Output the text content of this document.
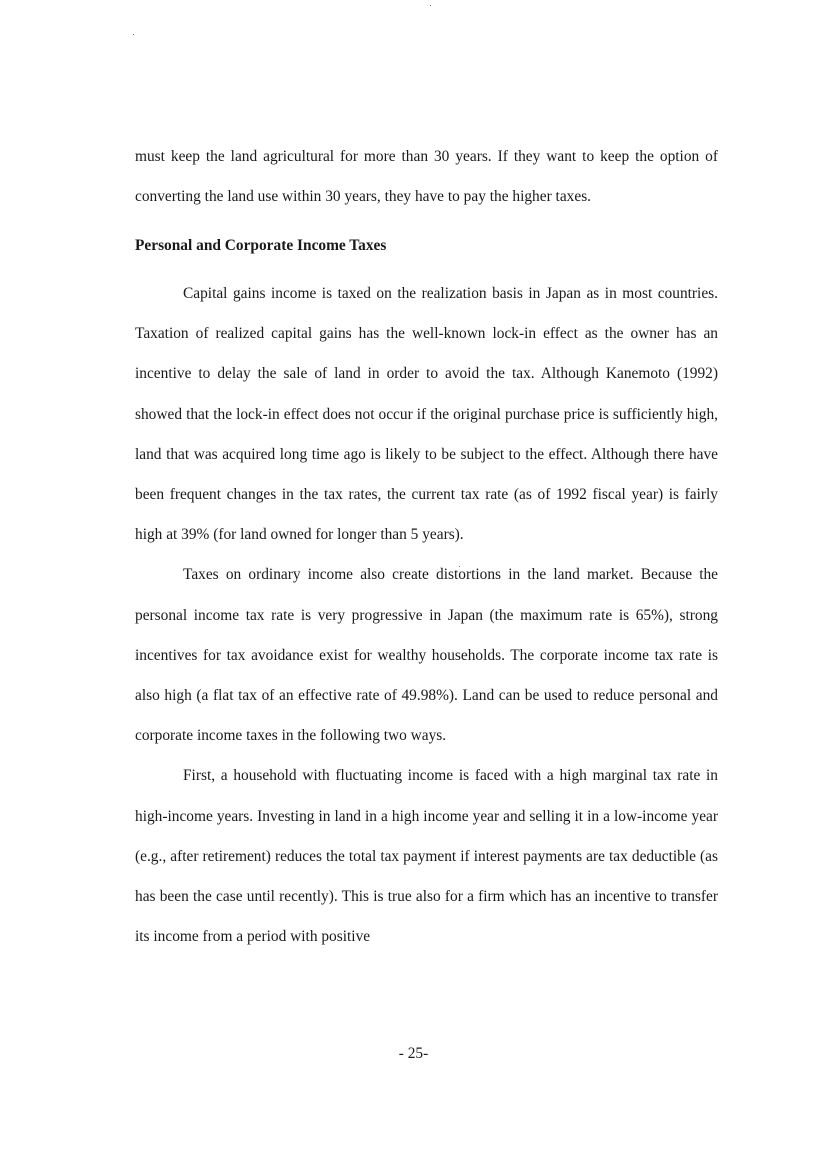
must keep the land agricultural for more than 30 years. If they want to keep the option of converting the land use within 30 years, they have to pay the higher taxes.

Personal and Corporate Income Taxes

Capital gains income is taxed on the realization basis in Japan as in most countries. Taxation of realized capital gains has the well-known lock-in effect as the owner has an incentive to delay the sale of land in order to avoid the tax. Although Kanemoto (1992) showed that the lock-in effect does not occur if the original purchase price is sufficiently high, land that was acquired long time ago is likely to be subject to the effect. Although there have been frequent changes in the tax rates, the current tax rate (as of 1992 fiscal year) is fairly high at 39% (for land owned for longer than 5 years).

Taxes on ordinary income also create distortions in the land market. Because the personal income tax rate is very progressive in Japan (the maximum rate is 65%), strong incentives for tax avoidance exist for wealthy households. The corporate income tax rate is also high (a flat tax of an effective rate of 49.98%). Land can be used to reduce personal and corporate income taxes in the following two ways.

First, a household with fluctuating income is faced with a high marginal tax rate in high-income years. Investing in land in a high income year and selling it in a low-income year (e.g., after retirement) reduces the total tax payment if interest payments are tax deductible (as has been the case until recently). This is true also for a firm which has an incentive to transfer its income from a period with positive

- 25-
